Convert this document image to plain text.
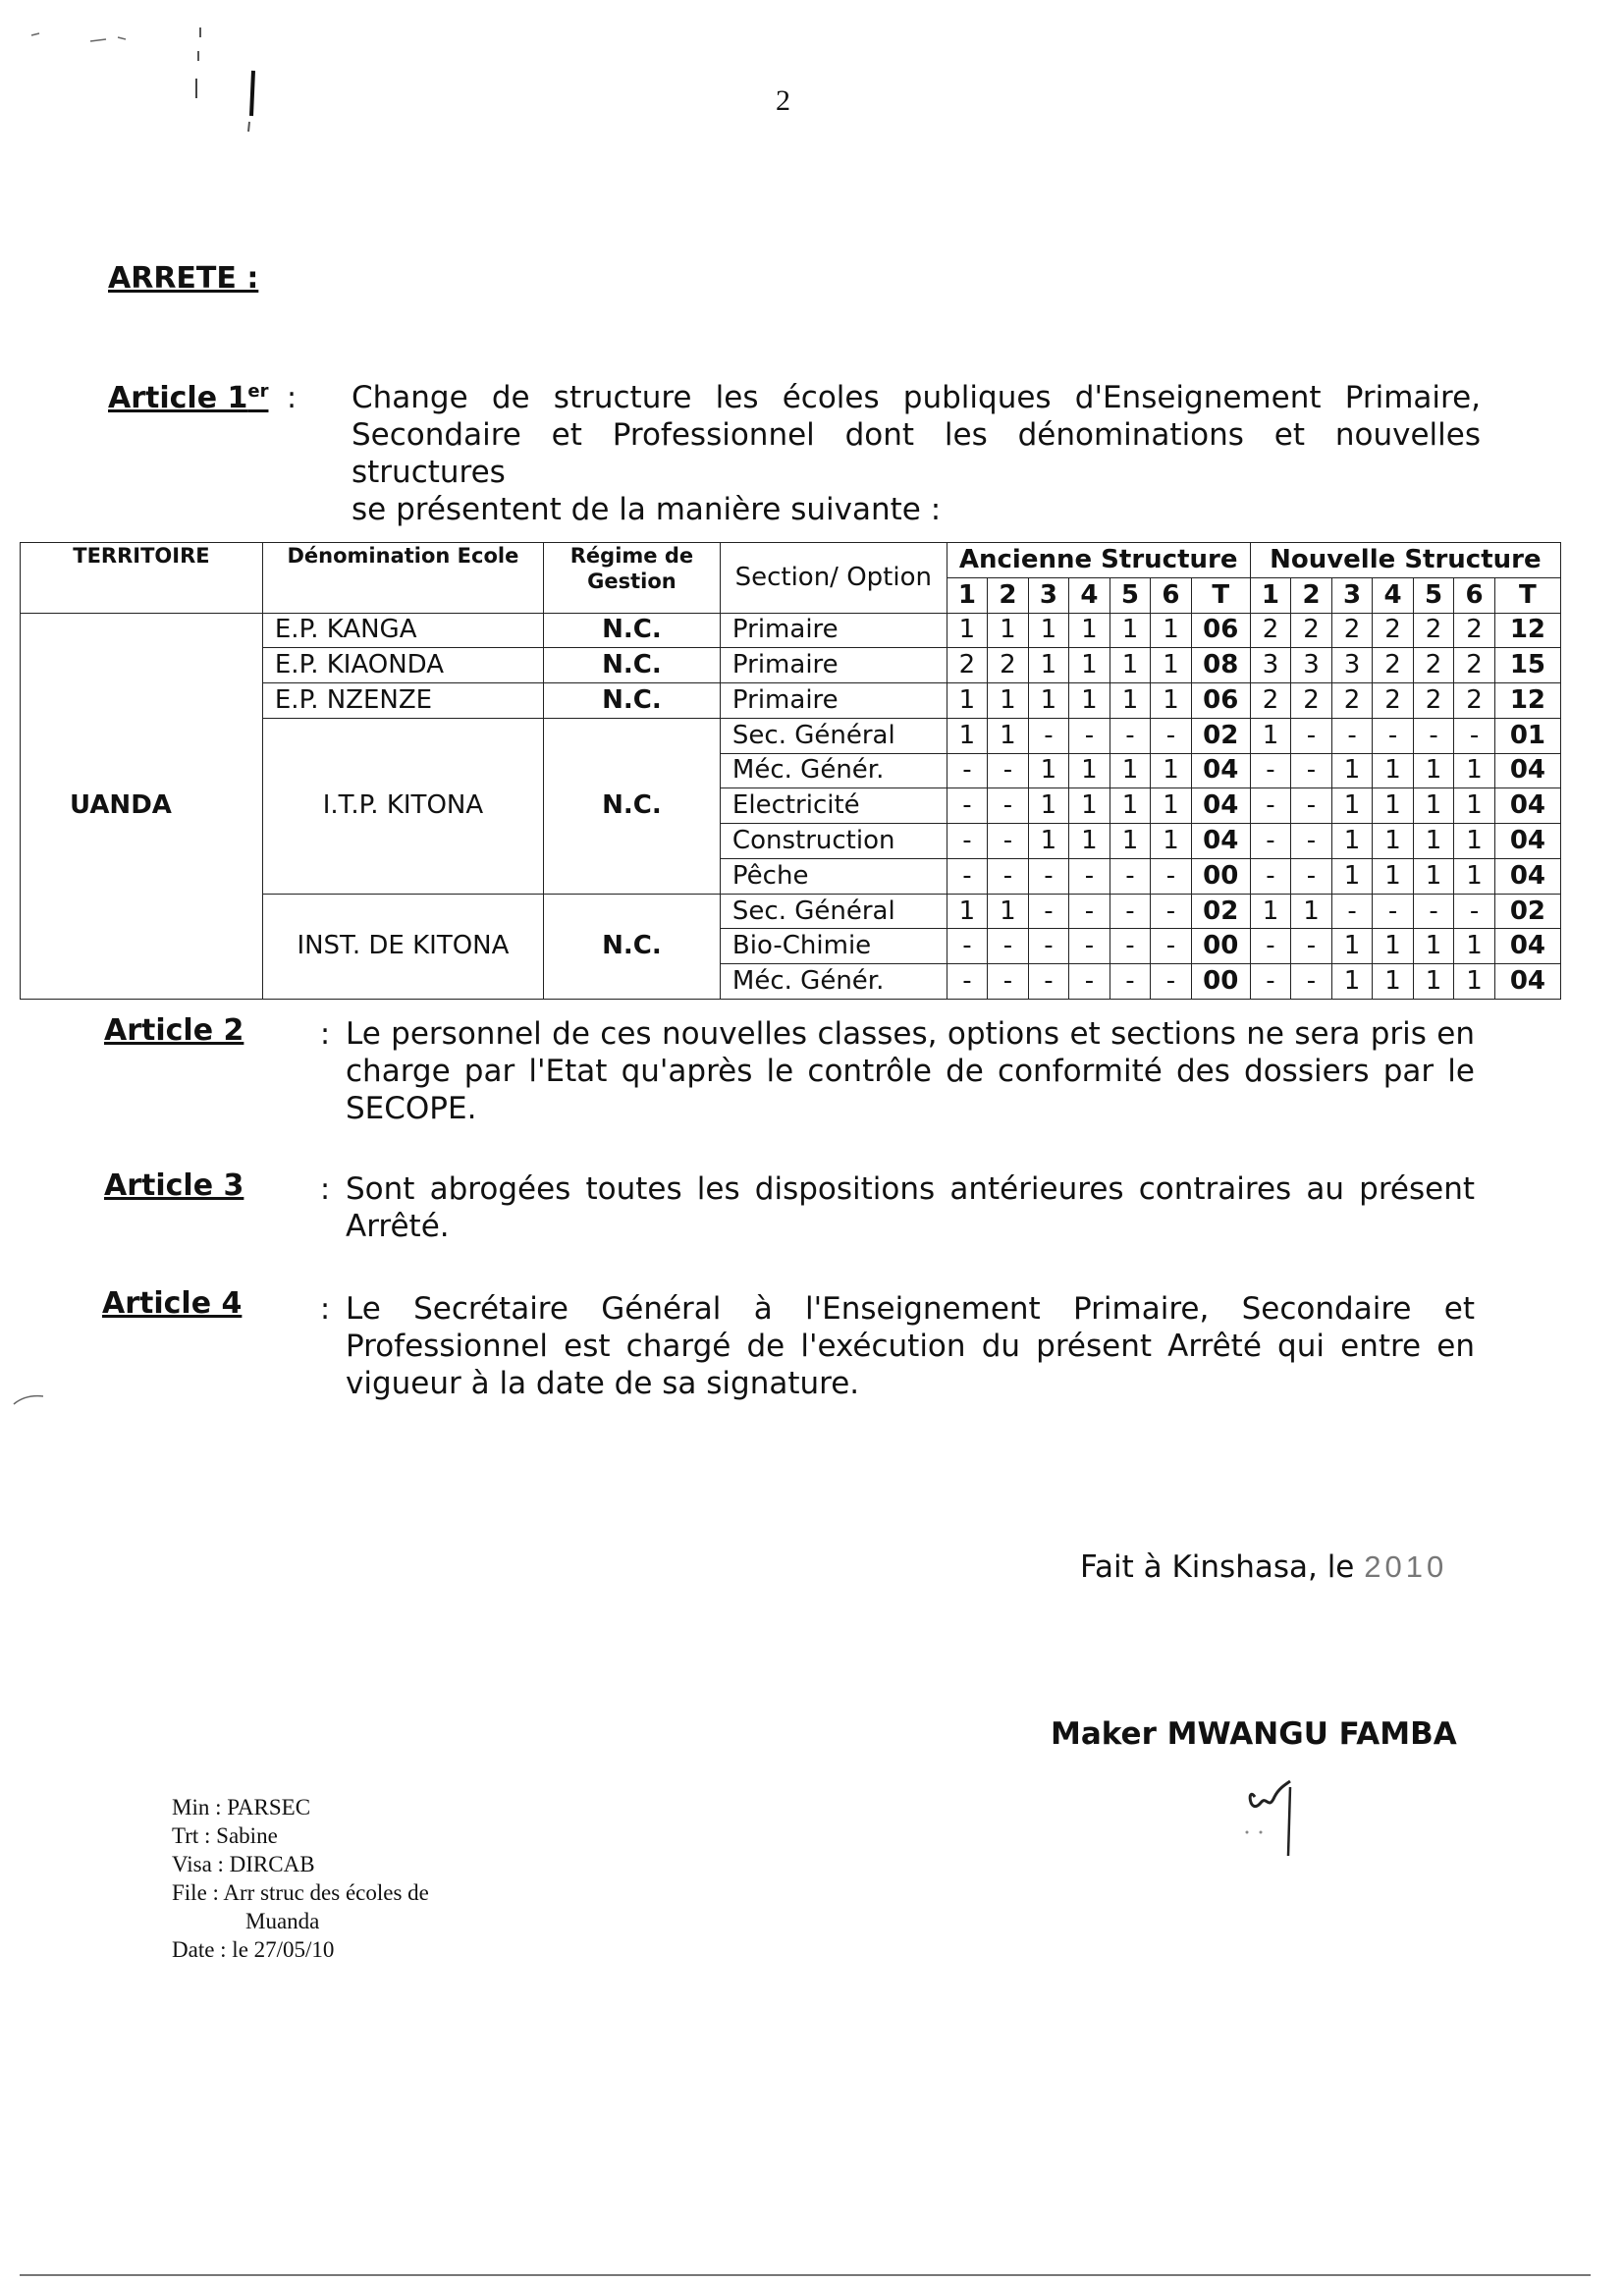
2
ARRETE :
Article 1er : Change de structure les écoles publiques d'Enseignement Primaire,
Secondaire et Professionnel dont les dénominations et nouvelles structures
se présentent de la manière suivante :
TERRITOIRE	Dénomination Ecole	Régime de Gestion	Section/ Option	Ancienne Structure							Nouvelle Structure						
				1	2	3	4	5	6	T	1	2	3	4	5	6	T
UANDA	E.P. KANGA	N.C.	Primaire	1	1	1	1	1	1	06	2	2	2	2	2	2	12
	E.P. KIAONDA	N.C.	Primaire	2	2	1	1	1	1	08	3	3	3	2	2	2	15
	E.P. NZENZE	N.C.	Primaire	1	1	1	1	1	1	06	2	2	2	2	2	2	12
	I.T.P. KITONA	N.C.	Sec. Général	1	1	-	-	-	-	02	1	-	-	-	-	-	01
			Méc. Génér.	-	-	1	1	1	1	04	-	-	1	1	1	1	04
			Electricité	-	-	1	1	1	1	04	-	-	1	1	1	1	04
			Construction	-	-	1	1	1	1	04	-	-	1	1	1	1	04
			Pêche	-	-	-	-	-	-	00	-	-	1	1	1	1	04
	INST. DE KITONA	N.C.	Sec. Général	1	1	-	-	-	-	02	1	1	-	-	-	-	02
			Bio-Chimie	-	-	-	-	-	-	00	-	-	1	1	1	1	04
			Méc. Génér.	-	-	-	-	-	-	00	-	-	1	1	1	1	04
Article 2	: Le personnel de ces nouvelles classes, options et sections ne sera pris en
charge par l'Etat qu'après le contrôle de conformité des dossiers par le
SECOPE.
Article 3	: Sont abrogées toutes les dispositions antérieures contraires au présent
Arrêté.
Article 4	: Le Secrétaire Général à l'Enseignement Primaire, Secondaire et
Professionnel est chargé de l'exécution du présent Arrêté qui entre en
vigueur à la date de sa signature.
Fait à Kinshasa, le 2010
Maker MWANGU FAMBA
Min : PARSEC
Trt : Sabine
Visa : DIRCAB
File : Arr struc des écoles de
Muanda
Date : le 27/05/10
